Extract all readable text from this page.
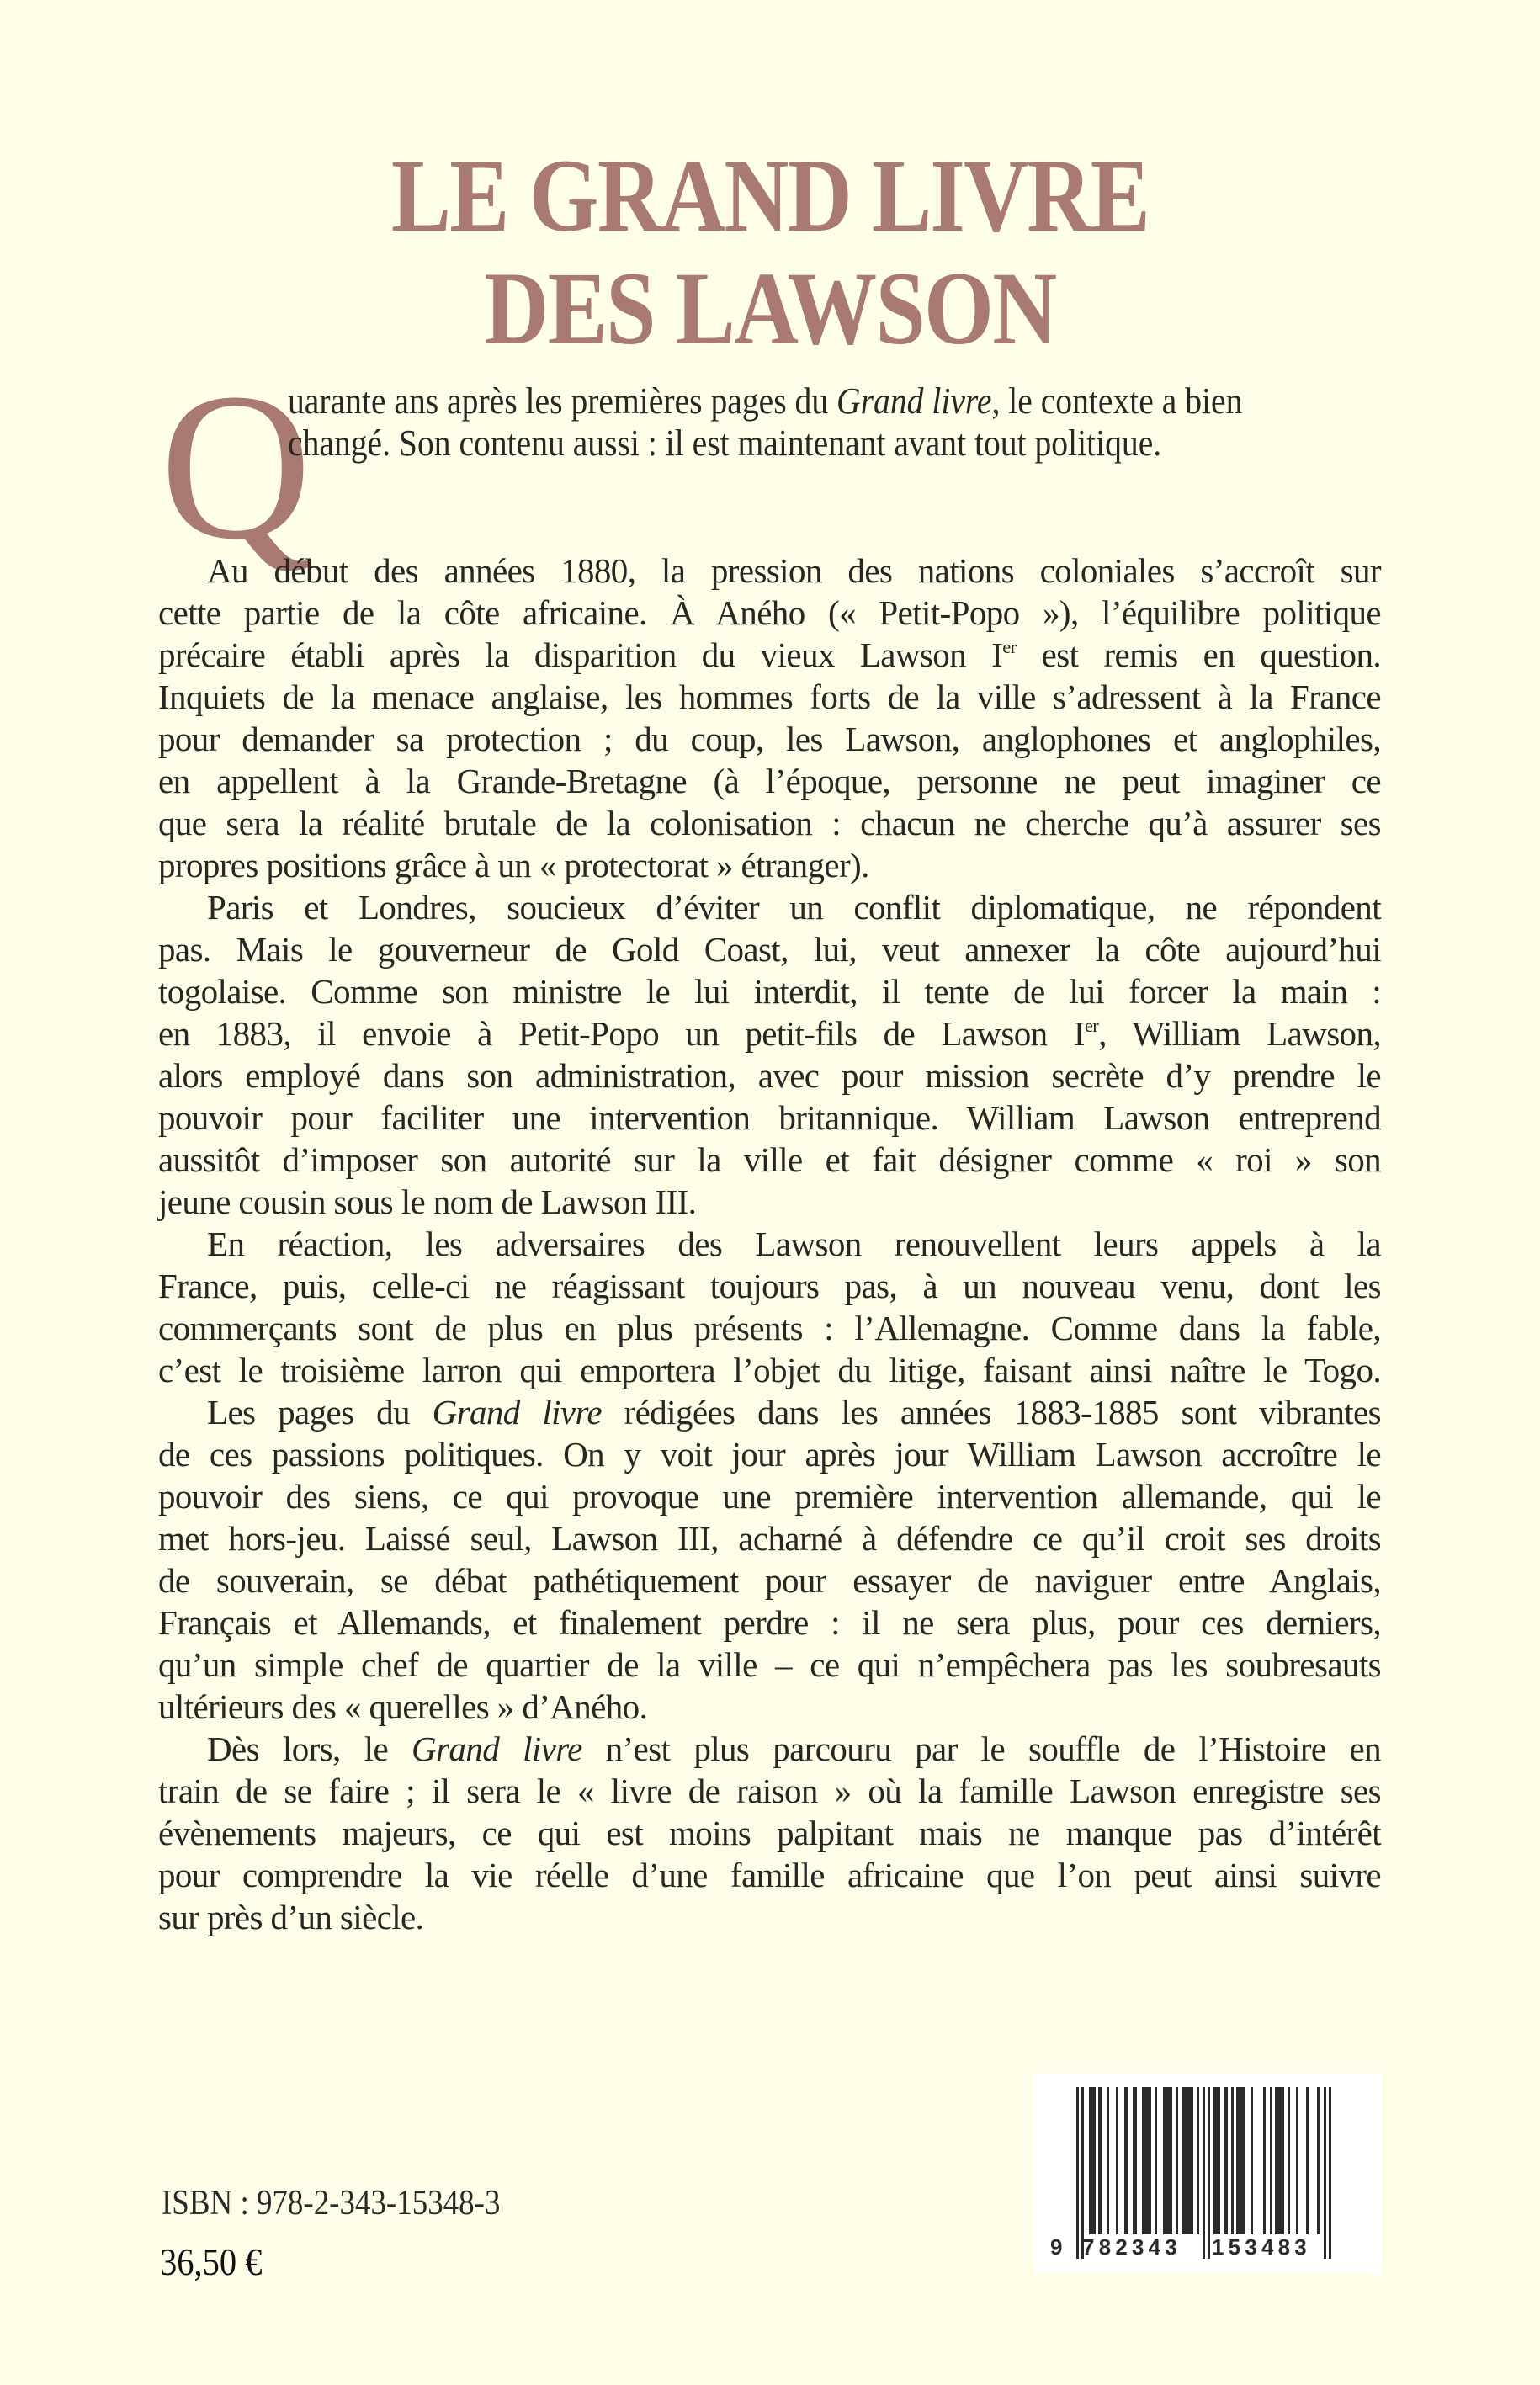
LE GRAND LIVRE
DES LAWSON
Q
uarante ans après les premières pages du Grand livre, le contexte a bien
changé. Son contenu aussi : il est maintenant avant tout politique.
Au début des années 1880, la pression des nations coloniales s’accroît sur
cette partie de la côte africaine. À Aného (« Petit-Popo »), l’équilibre politique
précaire établi après la disparition du vieux Lawson Ier est remis en question.
Inquiets de la menace anglaise, les hommes forts de la ville s’adressent à la France
pour demander sa protection ; du coup, les Lawson, anglophones et anglophiles,
en appellent à la Grande-Bretagne (à l’époque, personne ne peut imaginer ce
que sera la réalité brutale de la colonisation : chacun ne cherche qu’à assurer ses
propres positions grâce à un « protectorat » étranger).
Paris et Londres, soucieux d’éviter un conflit diplomatique, ne répondent
pas. Mais le gouverneur de Gold Coast, lui, veut annexer la côte aujourd’hui
togolaise. Comme son ministre le lui interdit, il tente de lui forcer la main :
en 1883, il envoie à Petit-Popo un petit-fils de Lawson Ier, William Lawson,
alors employé dans son administration, avec pour mission secrète d’y prendre le
pouvoir pour faciliter une intervention britannique. William Lawson entreprend
aussitôt d’imposer son autorité sur la ville et fait désigner comme « roi » son
jeune cousin sous le nom de Lawson III.
En réaction, les adversaires des Lawson renouvellent leurs appels à la
France, puis, celle-ci ne réagissant toujours pas, à un nouveau venu, dont les
commerçants sont de plus en plus présents : l’Allemagne. Comme dans la fable,
c’est le troisième larron qui emportera l’objet du litige, faisant ainsi naître le Togo.
Les pages du Grand livre rédigées dans les années 1883-1885 sont vibrantes
de ces passions politiques. On y voit jour après jour William Lawson accroître le
pouvoir des siens, ce qui provoque une première intervention allemande, qui le
met hors-jeu. Laissé seul, Lawson III, acharné à défendre ce qu’il croit ses droits
de souverain, se débat pathétiquement pour essayer de naviguer entre Anglais,
Français et Allemands, et finalement perdre : il ne sera plus, pour ces derniers,
qu’un simple chef de quartier de la ville – ce qui n’empêchera pas les soubresauts
ultérieurs des « querelles » d’Aného.
Dès lors, le Grand livre n’est plus parcouru par le souffle de l’Histoire en
train de se faire ; il sera le « livre de raison » où la famille Lawson enregistre ses
évènements majeurs, ce qui est moins palpitant mais ne manque pas d’intérêt
pour comprendre la vie réelle d’une famille africaine que l’on peut ainsi suivre
sur près d’un siècle.
ISBN : 978-2-343-15348-3
36,50 €	9 782343 153483
